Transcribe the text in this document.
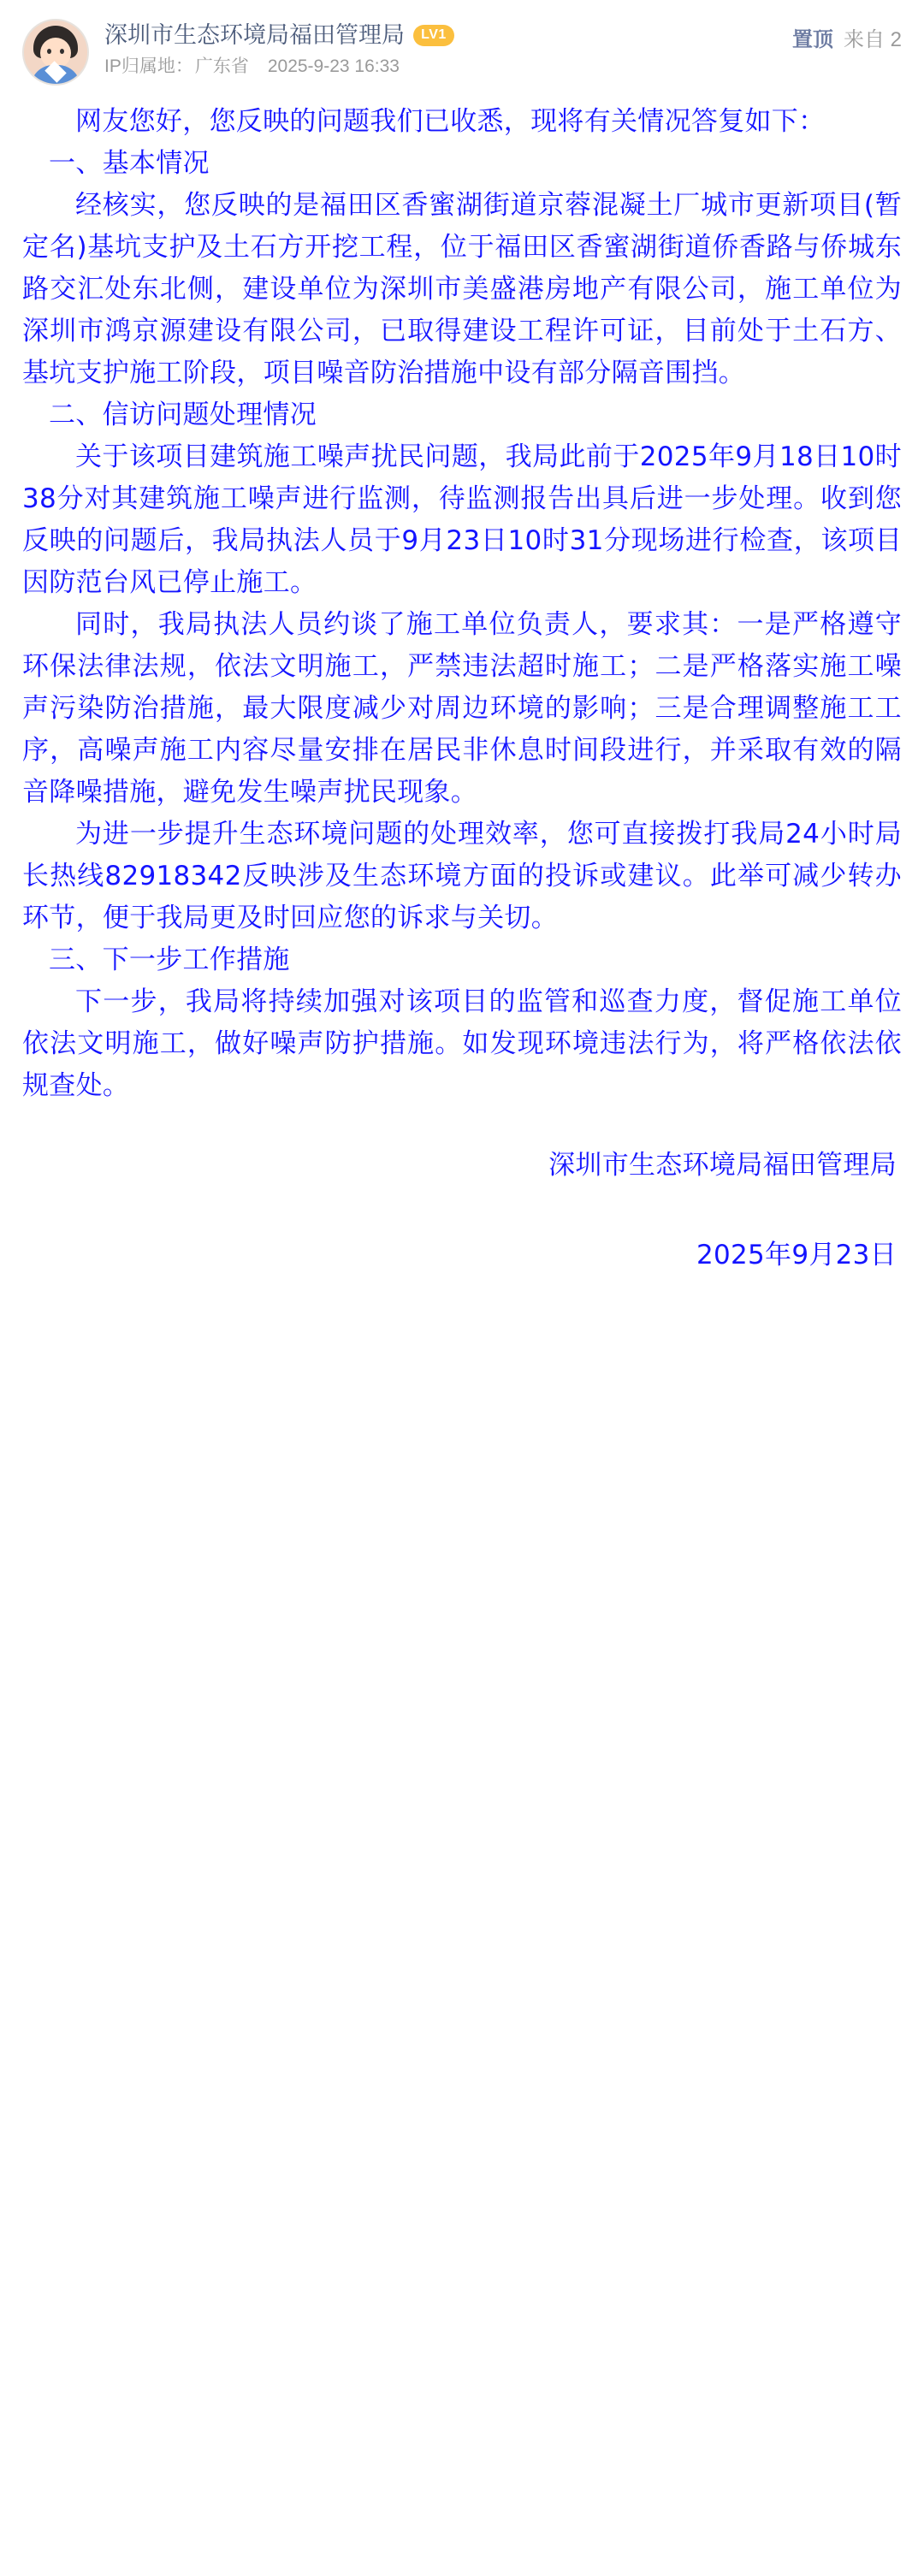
深圳市生态环境局福田管理局	LV1
IP归属地： 广东省 2025-9-23 16:33
置顶 来自 2

网友您好，您反映的问题我们已收悉，现将有关情况答复如下：

一、基本情况

经核实，您反映的是福田区香蜜湖街道京蓉混凝土厂城市更新项目(暂定名)基坑支护及土石方开挖工程，位于福田区香蜜湖街道侨香路与侨城东路交汇处东北侧，建设单位为深圳市美盛港房地产有限公司，施工单位为深圳市鸿京源建设有限公司，已取得建设工程许可证，目前处于土石方、基坑支护施工阶段，项目噪音防治措施中设有部分隔音围挡。

二、信访问题处理情况

关于该项目建筑施工噪声扰民问题，我局此前于2025年9月18日10时38分对其建筑施工噪声进行监测，待监测报告出具后进一步处理。收到您反映的问题后，我局执法人员于9月23日10时31分现场进行检查，该项目因防范台风已停止施工。

同时，我局执法人员约谈了施工单位负责人，要求其：一是严格遵守环保法律法规，依法文明施工，严禁违法超时施工；二是严格落实施工噪声污染防治措施，最大限度减少对周边环境的影响；三是合理调整施工工序，高噪声施工内容尽量安排在居民非休息时间段进行，并采取有效的隔音降噪措施，避免发生噪声扰民现象。

为进一步提升生态环境问题的处理效率，您可直接拨打我局24小时局长热线82918342反映涉及生态环境方面的投诉或建议。此举可减少转办环节，便于我局更及时回应您的诉求与关切。

三、下一步工作措施

下一步，我局将持续加强对该项目的监管和巡查力度，督促施工单位依法文明施工，做好噪声防护措施。如发现环境违法行为，将严格依法依规查处。

深圳市生态环境局福田管理局

2025年9月23日
